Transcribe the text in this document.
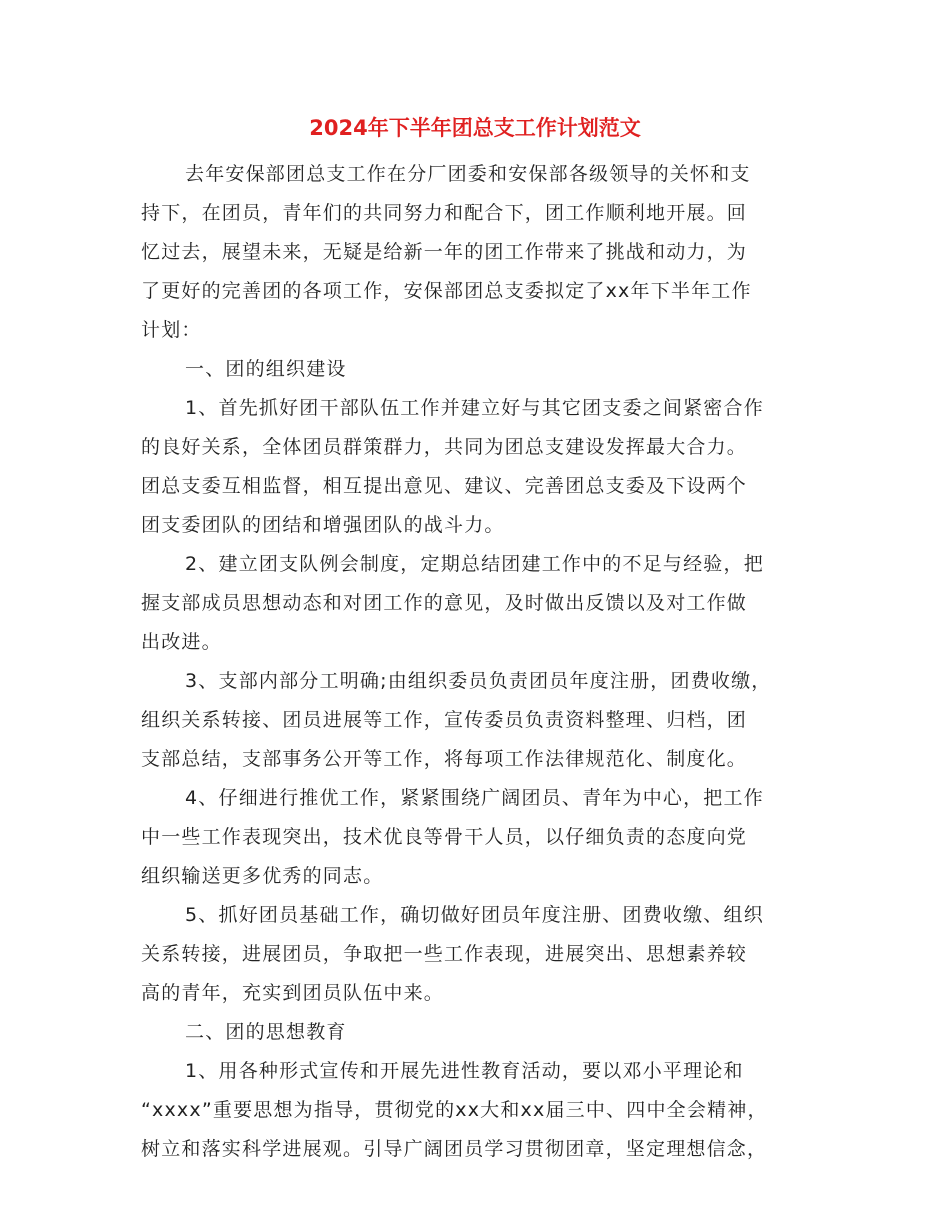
2024年下半年团总支工作计划范文
去年安保部团总支工作在分厂团委和安保部各级领导的关怀和支
持下，在团员，青年们的共同努力和配合下，团工作顺利地开展。回
忆过去，展望未来，无疑是给新一年的团工作带来了挑战和动力，为
了更好的完善团的各项工作，安保部团总支委拟定了xx年下半年工作
计划：
一、团的组织建设
1、首先抓好团干部队伍工作并建立好与其它团支委之间紧密合作
的良好关系，全体团员群策群力，共同为团总支建设发挥最大合力。
团总支委互相监督，相互提出意见、建议、完善团总支委及下设两个
团支委团队的团结和增强团队的战斗力。
2、建立团支队例会制度，定期总结团建工作中的不足与经验，把
握支部成员思想动态和对团工作的意见，及时做出反馈以及对工作做
出改进。
3、支部内部分工明确;由组织委员负责团员年度注册，团费收缴，
组织关系转接、团员进展等工作，宣传委员负责资料整理、归档，团
支部总结，支部事务公开等工作，将每项工作法律规范化、制度化。
4、仔细进行推优工作，紧紧围绕广阔团员、青年为中心，把工作
中一些工作表现突出，技术优良等骨干人员，以仔细负责的态度向党
组织输送更多优秀的同志。
5、抓好团员基础工作，确切做好团员年度注册、团费收缴、组织
关系转接，进展团员，争取把一些工作表现，进展突出、思想素养较
高的青年，充实到团员队伍中来。
二、团的思想教育
1、用各种形式宣传和开展先进性教育活动，要以邓小平理论和
“xxxx”重要思想为指导，贯彻党的xx大和xx届三中、四中全会精神，
树立和落实科学进展观。引导广阔团员学习贯彻团章，坚定理想信念，
